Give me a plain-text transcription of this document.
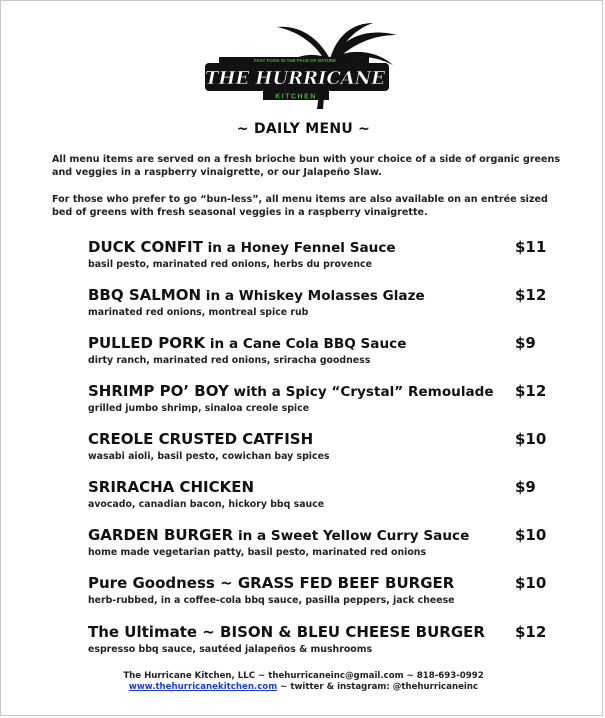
FAST FOOD IN THE FACE OF NATURE
THE HURRICANE
KITCHEN
~ DAILY MENU ~
All menu items are served on a fresh brioche bun with your choice of a side of organic greens and veggies in a raspberry vinaigrette, or our Jalapeño Slaw.
For those who prefer to go “bun-less”, all menu items are also available on an entrée sized bed of greens with fresh seasonal veggies in a raspberry vinaigrette.
DUCK CONFIT in a Honey Fennel Sauce
basil pesto, marinated red onions, herbs du provence
$11
BBQ SALMON in a Whiskey Molasses Glaze
marinated red onions, montreal spice rub
$12
PULLED PORK in a Cane Cola BBQ Sauce
dirty ranch, marinated red onions, sriracha goodness
$9
SHRIMP PO’ BOY with a Spicy “Crystal” Remoulade
grilled jumbo shrimp, sinaloa creole spice
$12
CREOLE CRUSTED CATFISH
wasabi aioli, basil pesto, cowichan bay spices
$10
SRIRACHA CHICKEN
avocado, canadian bacon, hickory bbq sauce
$9
GARDEN BURGER in a Sweet Yellow Curry Sauce
home made vegetarian patty, basil pesto, marinated red onions
$10
Pure Goodness ~ GRASS FED BEEF BURGER
herb-rubbed, in a coffee-cola bbq sauce, pasilla peppers, jack cheese
$10
The Ultimate ~ BISON & BLEU CHEESE BURGER
espresso bbq sauce, sautéed jalapeños & mushrooms
$12
The Hurricane Kitchen, LLC ~ thehurricaneinc@gmail.com ~ 818-693-0992
www.thehurricanekitchen.com ~ twitter & instagram: @thehurricaneinc
